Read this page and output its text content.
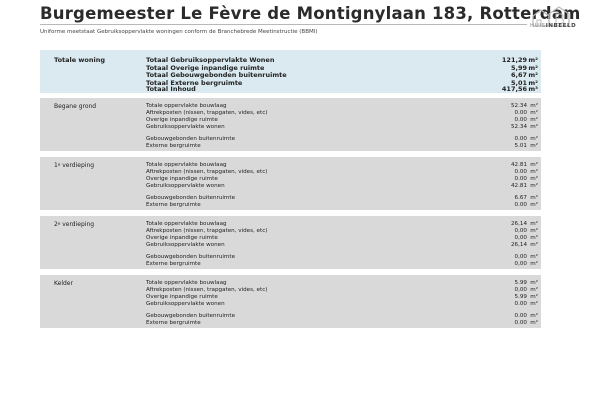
Burgemeester Le Fèvre de Montignylaan 183, Rotterdam
HUISINBEELD
Uniforme meetstaat Gebruiksoppervlakte woningen conform de Branchebrede Meetinstructie (BBMI)
Totale woning	Totaal Gebruiksoppervlakte Wonen	121,29 m²
Totaal Overige inpandige ruimte	5,99 m²
Totaal Gebouwgebonden buitenruimte	6,67 m²
Totaal Externe bergruimte	5,01 m²
Totaal Inhoud	417,56 m³
Begane grond	Totale oppervlakte bouwlaag	52.34 m²
Aftrekposten (nissen, trapgaten, vides, etc)	0.00 m²
Overige inpandige ruimte	0.00 m²
Gebruiksoppervlakte wonen	52.34 m²
Gebouwgebonden buitenruimte	0.00 m²
Externe bergruimte	5.01 m²
1e verdieping	Totale oppervlakte bouwlaag	42.81 m²
Aftrekposten (nissen, trapgaten, vides, etc)	0.00 m²
Overige inpandige ruimte	0.00 m²
Gebruiksoppervlakte wonen	42.81 m²
Gebouwgebonden buitenruimte	6.67 m²
Externe bergruimte	0.00 m²
2e verdieping	Totale oppervlakte bouwlaag	26,14 m²
Aftrekposten (nissen, trapgaten, vides, etc)	0,00 m²
Overige inpandige ruimte	0,00 m²
Gebruiksoppervlakte wonen	26,14 m²
Gebouwgebonden buitenruimte	0,00 m²
Externe bergruimte	0,00 m²
Kelder	Totale oppervlakte bouwlaag	5.99 m²
Aftrekposten (nissen, trapgaten, vides, etc)	0,00 m²
Overige inpandige ruimte	5.99 m²
Gebruiksoppervlakte wonen	0.00 m²
Gebouwgebonden buitenruimte	0.00 m²
Externe bergruimte	0.00 m²
